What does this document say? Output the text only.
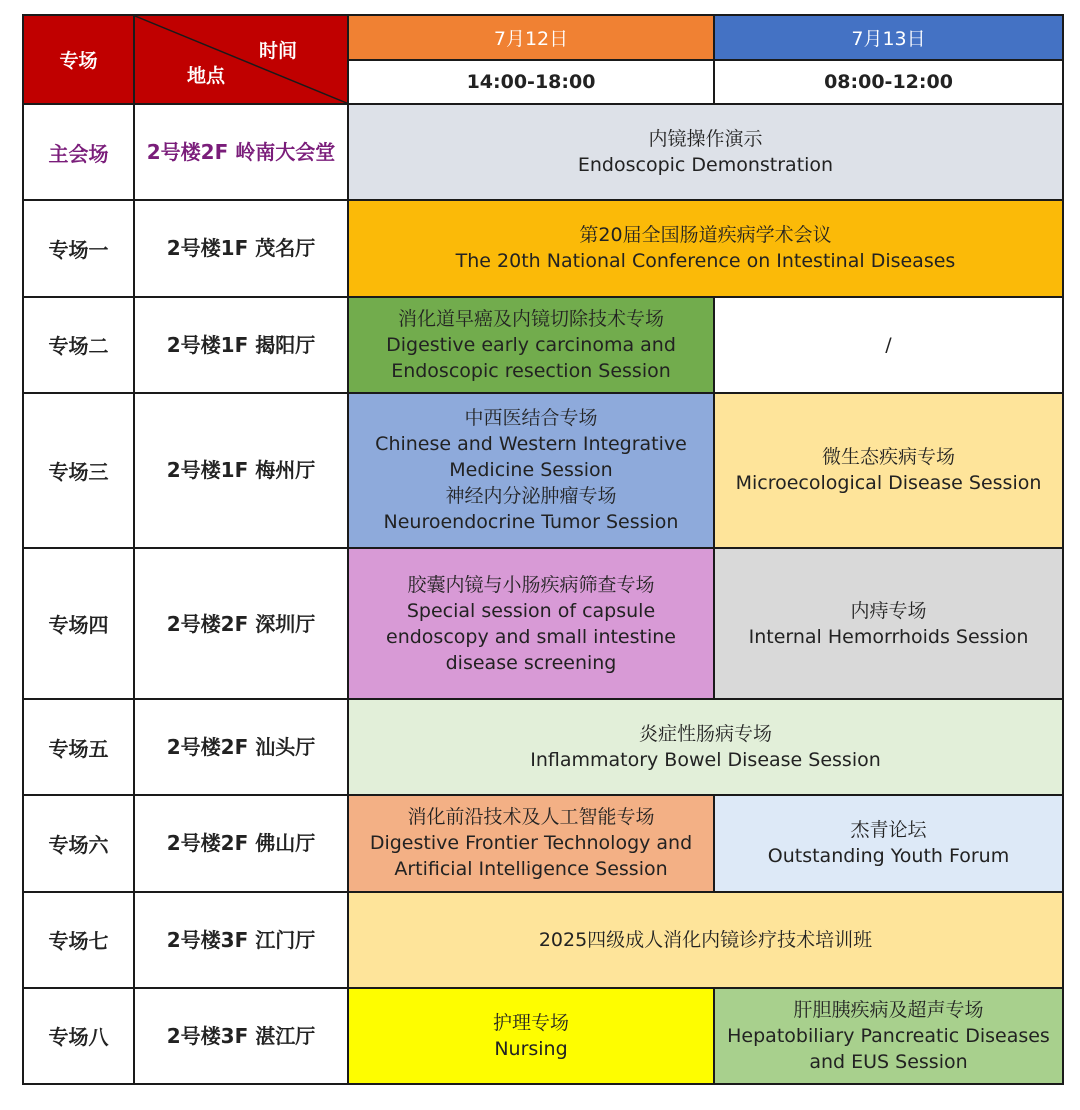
专场	时间
地点	7月12日	7月13日
		14:00-18:00	08:00-12:00
主会场	2号楼2F 岭南大会堂	内镜操作演示
Endoscopic Demonstration	

专场一	2号楼1F 茂名厅	第20届全国肠道疾病学术会议
The 20th National Conference on Intestinal Diseases	

专场二	2号楼1F 揭阳厅	消化道早癌及内镜切除技术专场
Digestive early carcinoma and Endoscopic resection Session	/
专场三	2号楼1F 梅州厅	中西医结合专场
Chinese and Western Integrative Medicine Session
神经内分泌肿瘤专场
Neuroendocrine Tumor Session	微生态疾病专场
Microecological Disease Session

专场四	2号楼2F 深圳厅	胶囊内镜与小肠疾病筛查专场
Special session of capsule endoscopy and small intestine disease screening	内痔专场
Internal Hemorrhoids Session

专场五	2号楼2F 汕头厅	炎症性肠病专场
Inflammatory Bowel Disease Session	

专场六	2号楼2F 佛山厅	消化前沿技术及人工智能专场
Digestive Frontier Technology and Artificial Intelligence Session	杰青论坛
Outstanding Youth Forum

专场七	2号楼3F 江门厅	2025四级成人消化内镜诊疗技术培训班	

专场八	2号楼3F 湛江厅	护理专场
Nursing	肝胆胰疾病及超声专场
Hepatobiliary Pancreatic Diseases and EUS Session
